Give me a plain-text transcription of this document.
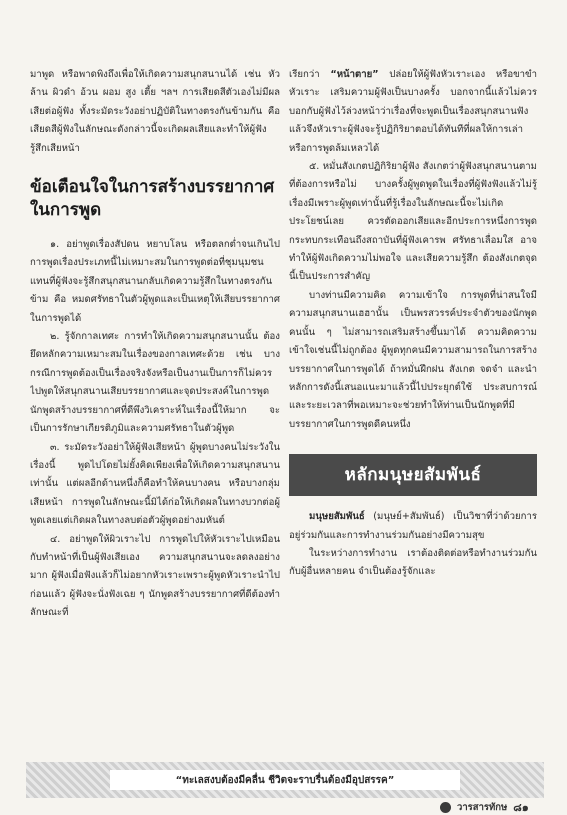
มาพูด หรือพาดพิงถึงเพื่อให้เกิดความสนุกสนานได้ เช่น หัวล้าน ผิวดำ อ้วน ผอม สูง เตี้ย ฯลฯ การเสียดสีตัวเองไม่มีผลเสียต่อผู้ฟัง ทั้งระมัดระวังอย่าปฏิบัติในทางตรงกันข้ามกัน คือ เสียดสีผู้ฟังในลักษณะดังกล่าวนี้จะเกิดผลเสียและทำให้ผู้ฟังรู้สึกเสียหน้า

ข้อเตือนใจในการสร้างบรรยากาศในการพูด

๑. อย่าพูดเรื่องสัปดน หยาบโลน หรือตลกต่ำจนเกินไป การพูดเรื่องประเภทนี้ไม่เหมาะสมในการพูดต่อที่ชุมนุมชน แทนที่ผู้ฟังจะรู้สึกสนุกสนานกลับเกิดความรู้สึกในทางตรงกันข้าม คือ หมดศรัทธาในตัวผู้พูดและเป็นเหตุให้เสียบรรยากาศในการพูดได้

๒. รู้จักกาลเทศะ การทำให้เกิดความสนุกสนานนั้น ต้องยึดหลักความเหมาะสมในเรื่องของกาลเทศะด้วย เช่น บางกรณีการพูดต้องเป็นเรื่องจริงจังหรือเป็นงานเป็นการก็ไม่ควรไปพูดให้สนุกสนานเสียบรรยากาศและจุดประสงค์ในการพูด นักพูดสร้างบรรยากาศที่ดีพึงวิเคราะห์ในเรื่องนี้ให้มาก จะเป็นการรักษาเกียรติภูมิและความศรัทธาในตัวผู้พูด

๓. ระมัดระวังอย่าให้ผู้ฟังเสียหน้า ผู้พูดบางคนไม่ระวังในเรื่องนี้ พูดไปโดยไม่ยั้งคิดเพียงเพื่อให้เกิดความสนุกสนานเท่านั้น แต่ผลอีกด้านหนึ่งก็คือทำให้คนบางคน หรือบางกลุ่มเสียหน้า การพูดในลักษณะนี้มิได้ก่อให้เกิดผลในทางบวกต่อผู้พูดเลยแต่เกิดผลในทางลบต่อตัวผู้พูดอย่างมหันต์

๔. อย่าพูดให้ผิวเราะไป การพูดไปให้หัวเราะไปเหมือนกับทำหน้าที่เป็นผู้ฟังเสียเอง ความสนุกสนานจะลดลงอย่างมาก ผู้ฟังเมื่อฟังแล้วก็ไม่อยากหัวเราะเพราะผู้พูดหัวเราะนำไปก่อนแล้ว ผู้ฟังจะนั่งฟังเฉย ๆ นักพูดสร้างบรรยากาศที่ดีต้องทำลักษณะที่

เรียกว่า “หน้าตาย” ปล่อยให้ผู้ฟังหัวเราะเอง หรือขาขำหัวเราะ เสริมความผู้ฟังเป็นบางครั้ง บอกจากนี้แล้วไม่ควรบอกกับผู้ฟังไว้ล่วงหน้าว่าเรื่องที่จะพูดเป็นเรื่องสนุกสนานฟังแล้วจึงหัวเราะผู้ฟังจะรู้ปฏิกิริยาตอบได้ทันทีที่ผลให้การเล่าหรือการพูดล้มเหลวได้

๕. หมั่นสังเกตปฏิกิริยาผู้ฟัง สังเกตว่าผู้ฟังสนุกสนานตามที่ต้องการหรือไม่ บางครั้งผู้พูดพูดในเรื่องที่ผู้ฟังฟังแล้วไม่รู้เรื่องมีเพราะผู้พูดเท่านั้นที่รู้เรื่องในลักษณะนี้จะไม่เกิดประโยชน์เลย ควรตัดออกเสียและอีกประการหนึ่งการพูดกระทบกระเทือนถึงสถาบันที่ผู้ฟังเคารพ ศรัทธาเลื่อมใส อาจทำให้ผู้ฟังเกิดความไม่พอใจ และเสียความรู้สึก ต้องสังเกตจุดนี้เป็นประการสำคัญ

บางท่านมีความคิด ความเข้าใจ การพูดที่น่าสนใจมีความสนุกสนานเฮฮานั้น เป็นพรสวรรค์ประจำตัวของนักพูดคนนั้น ๆ ไม่สามารถเสริมสร้างขึ้นมาได้ ความคิดความเข้าใจเช่นนี้ไม่ถูกต้อง ผู้พูดทุกคนมีความสามารถในการสร้างบรรยากาศในการพูดได้ ถ้าหมั่นฝึกฝน สังเกต จดจำ และนำหลักการดังนี้เสนอแนะมาแล้วนี้ไปประยุกต์ใช้ ประสบการณ์และระยะเวลาที่พอเหมาะจะช่วยทำให้ท่านเป็นนักพูดที่มีบรรยากาศในการพูดดีคนหนึ่ง

หลักมนุษยสัมพันธ์

มนุษยสัมพันธ์ (มนุษย์+สัมพันธ์) เป็นวิชาที่ว่าด้วยการอยู่ร่วมกันและการทำงานร่วมกันอย่างมีความสุข

ในระหว่างการทำงาน เราต้องติดต่อหรือทำงานร่วมกันกับผู้อื่นหลายคน จำเป็นต้องรู้จักและ

“ทะเลสงบต้องมีคลื่น ชีวิตจะราบรื่นต้องมีอุปสรรค”
วารสารทักษ ๘๑
